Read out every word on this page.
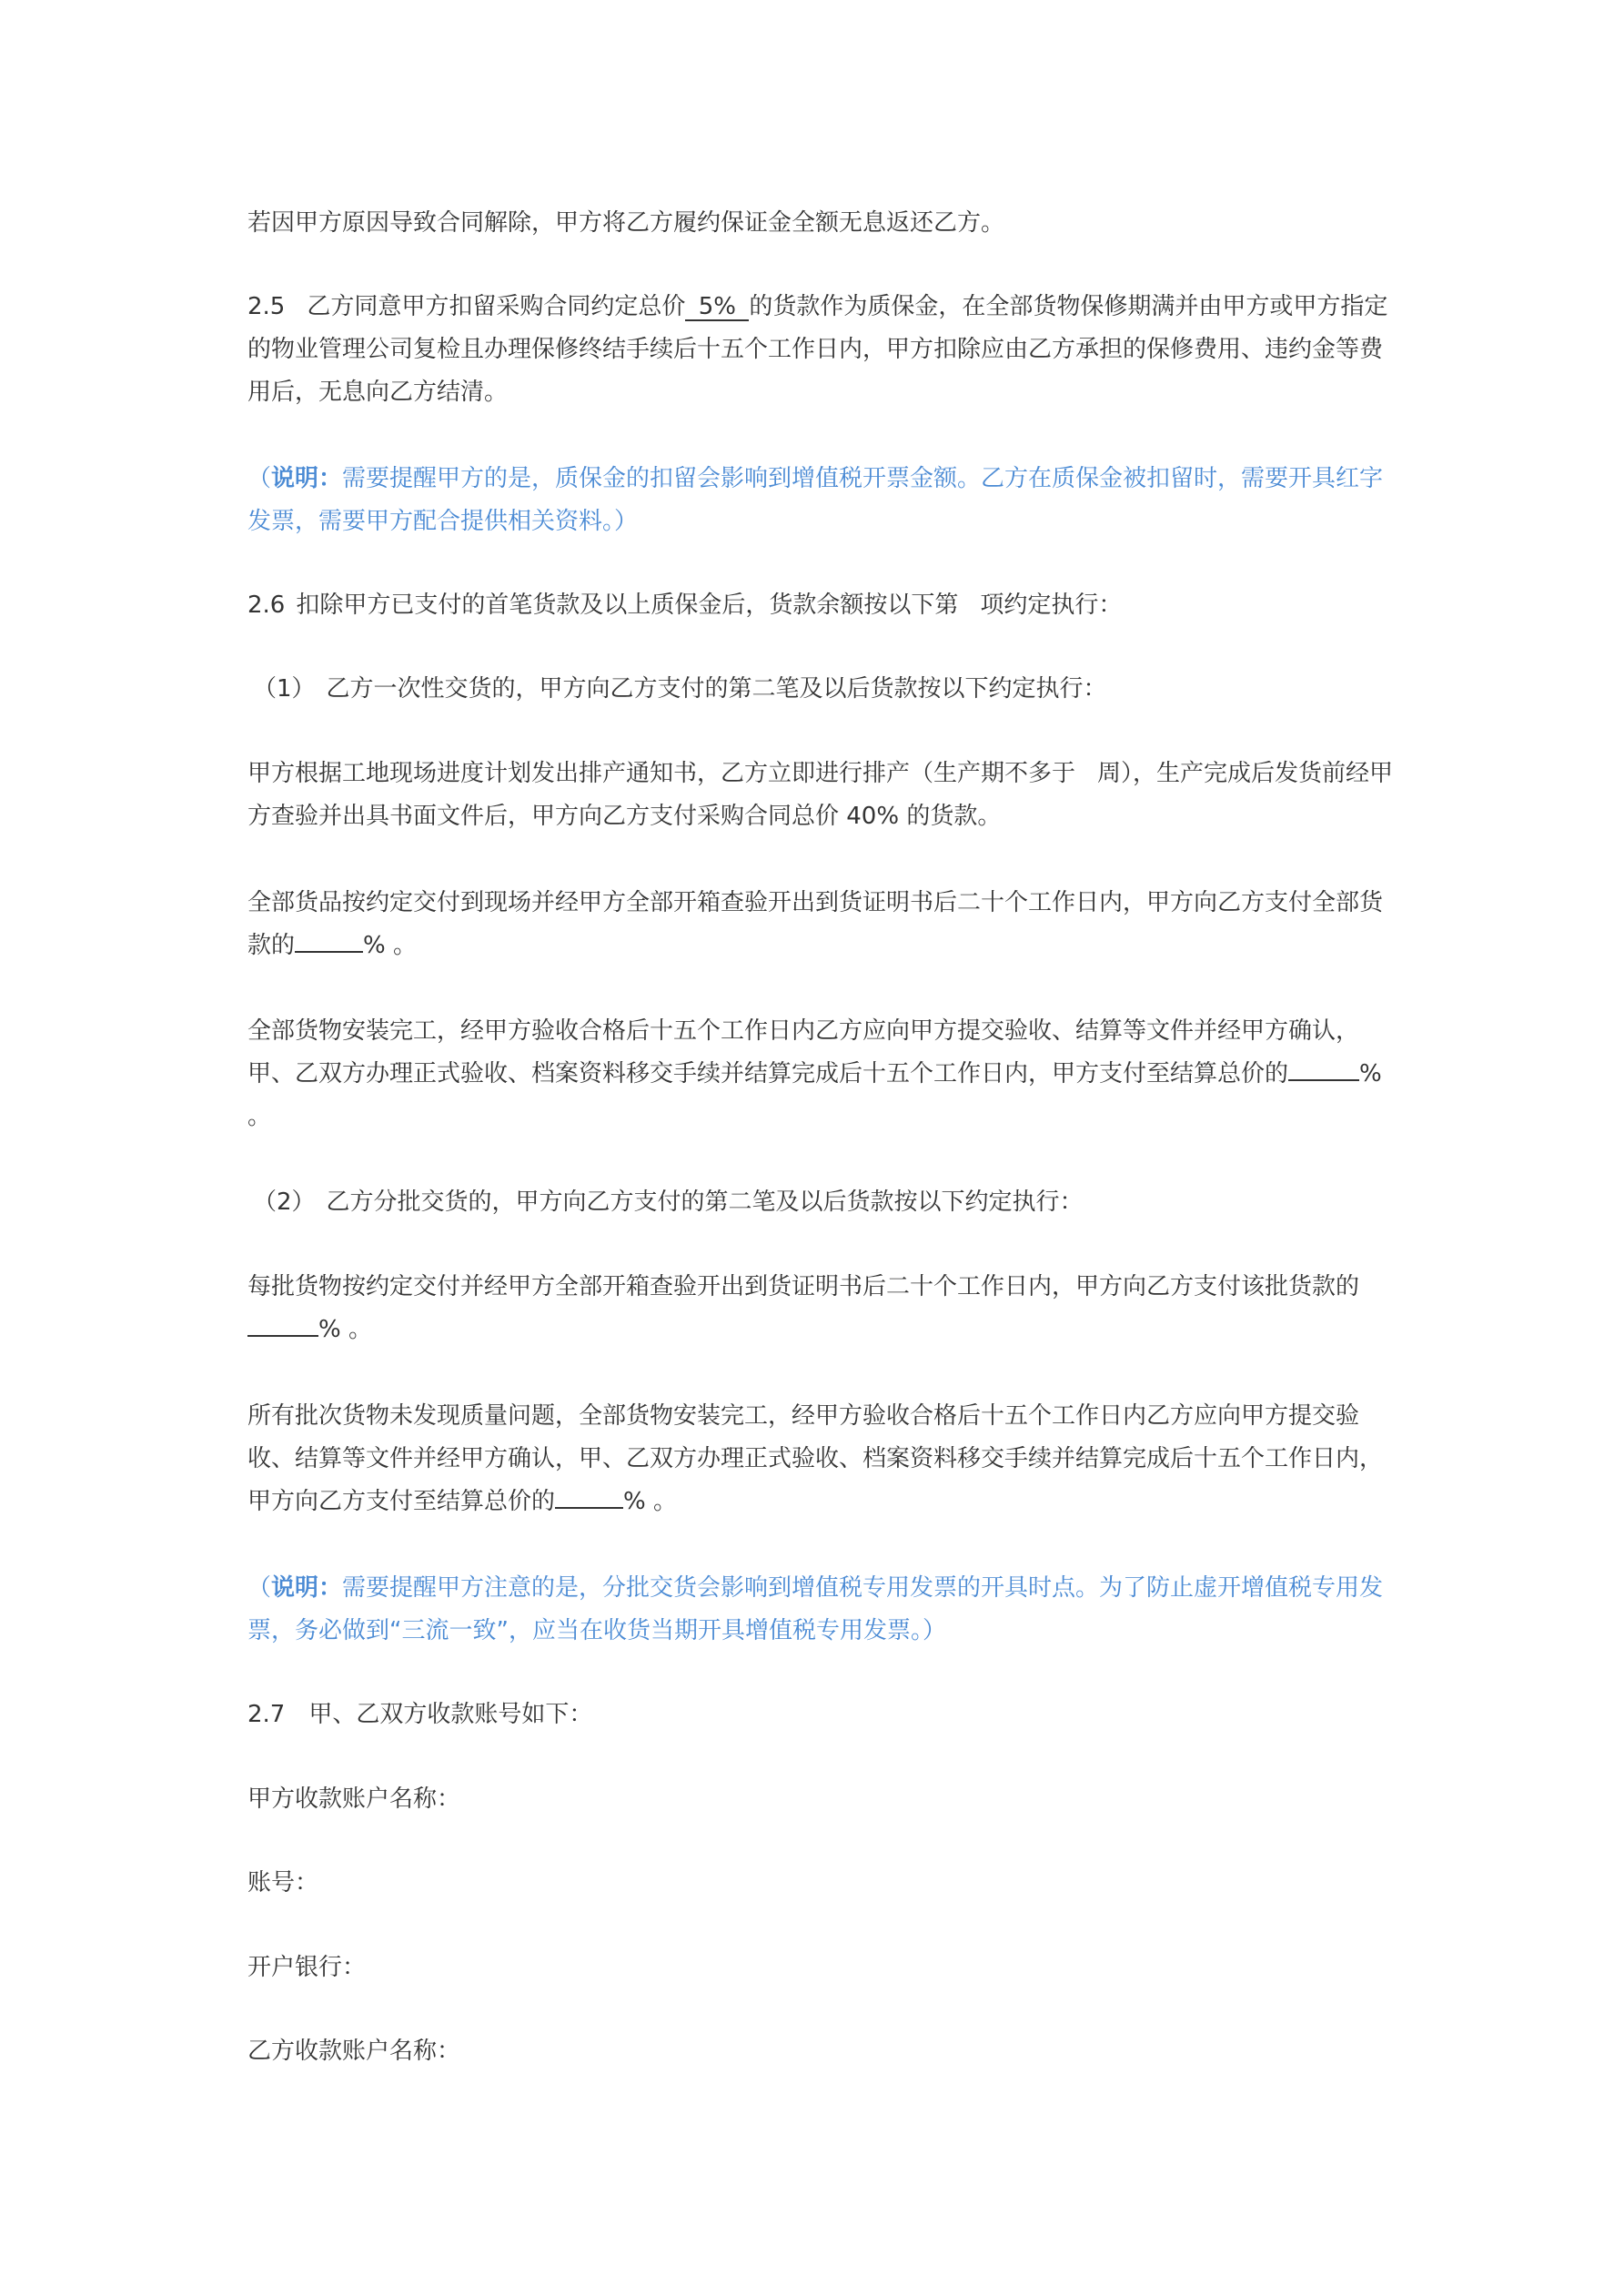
若因甲方原因导致合同解除，甲方将乙方履约保证金全额无息返还乙方。
2.5 乙方同意甲方扣留采购合同约定总价 5% 的货款作为质保金，在全部货物保修期满并由甲方或甲方指定的物业管理公司复检且办理保修终结手续后十五个工作日内，甲方扣除应由乙方承担的保修费用、违约金等费用后，无息向乙方结清。
（说明：需要提醒甲方的是，质保金的扣留会影响到增值税开票金额。乙方在质保金被扣留时，需要开具红字发票，需要甲方配合提供相关资料。）
2.6 扣除甲方已支付的首笔货款及以上质保金后，货款余额按以下第 项约定执行：
（1） 乙方一次性交货的，甲方向乙方支付的第二笔及以后货款按以下约定执行：
甲方根据工地现场进度计划发出排产通知书，乙方立即进行排产（生产期不多于 周），生产完成后发货前经甲方查验并出具书面文件后，甲方向乙方支付采购合同总价 40% 的货款。
全部货品按约定交付到现场并经甲方全部开箱查验开出到货证明书后二十个工作日内，甲方向乙方支付全部货款的	% 。
全部货物安装完工，经甲方验收合格后十五个工作日内乙方应向甲方提交验收、结算等文件并经甲方确认，甲、乙双方办理正式验收、档案资料移交手续并结算完成后十五个工作日内，甲方支付至结算总价的	% 。
（2） 乙方分批交货的，甲方向乙方支付的第二笔及以后货款按以下约定执行：
每批货物按约定交付并经甲方全部开箱查验开出到货证明书后二十个工作日内，甲方向乙方支付该批货款的% 。
所有批次货物未发现质量问题，全部货物安装完工，经甲方验收合格后十五个工作日内乙方应向甲方提交验收、结算等文件并经甲方确认，甲、乙双方办理正式验收、档案资料移交手续并结算完成后十五个工作日内，甲方向乙方支付至结算总价的	% 。
（说明：需要提醒甲方注意的是，分批交货会影响到增值税专用发票的开具时点。为了防止虚开增值税专用发票，务必做到“三流一致”，应当在收货当期开具增值税专用发票。）
2.7　甲、乙双方收款账号如下：
甲方收款账户名称：
账号：
开户银行：
乙方收款账户名称：
